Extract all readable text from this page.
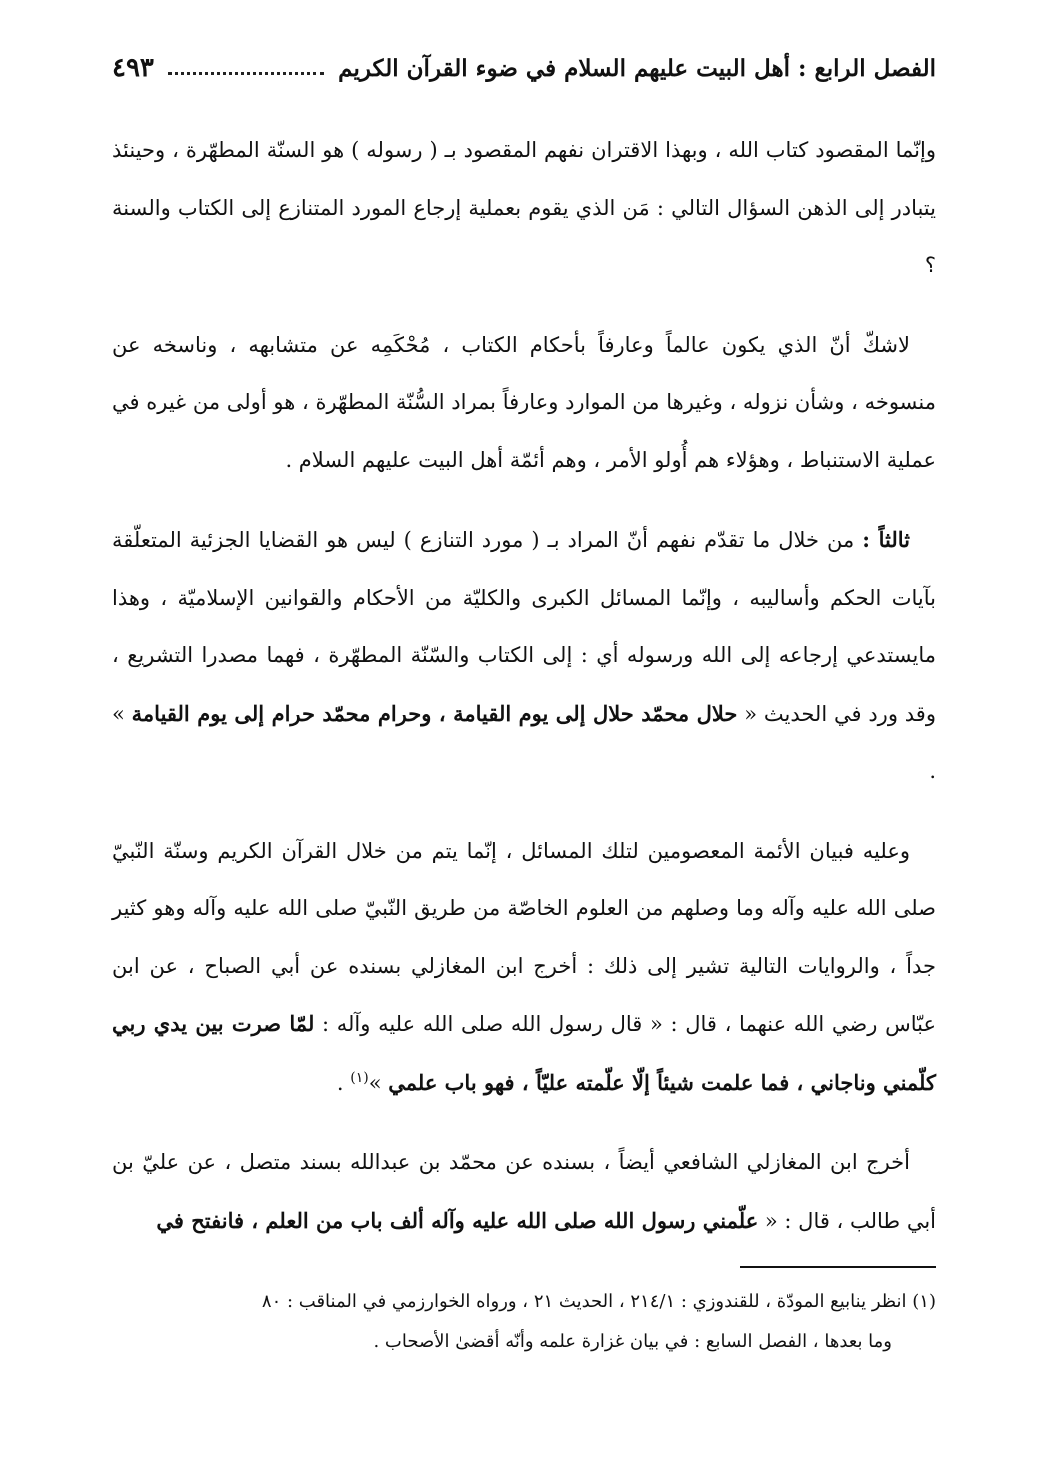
الفصل الرابع : أهل البيت عليهم السلام في ضوء القرآن الكريم
٤٩٣

وإنّما المقصود كتاب الله ، وبهذا الاقتران نفهم المقصود بـ ( رسوله ) هو السنّة المطهّرة ، وحينئذ يتبادر إلى الذهن السؤال التالي : مَن الذي يقوم بعملية إرجاع المورد المتنازع إلى الكتاب والسنة ؟

لاشكّ أنّ الذي يكون عالماً وعارفاً بأحكام الكتاب ، مُحْكَمِه عن متشابهه ، وناسخه عن منسوخه ، وشأن نزوله ، وغيرها من الموارد وعارفاً بمراد السُّنّة المطهّرة ، هو أولى من غيره في عملية الاستنباط ، وهؤلاء هم أُولو الأمر ، وهم أئمّة أهل البيت عليهم السلام .

ثالثاً : من خلال ما تقدّم نفهم أنّ المراد بـ ( مورد التنازع ) ليس هو القضايا الجزئية المتعلّقة بآيات الحكم وأساليبه ، وإنّما المسائل الكبرى والكليّة من الأحكام والقوانين الإسلاميّة ، وهذا مايستدعي إرجاعه إلى الله ورسوله أي : إلى الكتاب والسّنّة المطهّرة ، فهما مصدرا التشريع ، وقد ورد في الحديث « حلال محمّد حلال إلى يوم القيامة ، وحرام محمّد حرام إلى يوم القيامة » .

وعليه فبيان الأئمة المعصومين لتلك المسائل ، إنّما يتم من خلال القرآن الكريم وسنّة النّبيّ صلى الله عليه وآله وما وصلهم من العلوم الخاصّة من طريق النّبيّ صلى الله عليه وآله وهو كثير جداً ، والروايات التالية تشير إلى ذلك : أخرج ابن المغازلي بسنده عن أبي الصباح ، عن ابن عبّاس رضي الله عنهما ، قال : « قال رسول الله صلى الله عليه وآله : لمّا صرت بين يدي ربي كلّمني وناجاني ، فما علمت شيئاً إلّا علّمته عليّاً ، فهو باب علمي »$^{(١)}$ .

أخرج ابن المغازلي الشافعي أيضاً ، بسنده عن محمّد بن عبدالله بسند متصل ، عن عليّ بن أبي طالب ، قال : « علّمني رسول الله صلى الله عليه وآله ألف باب من العلم ، فانفتح في

(١) انظر ينابيع المودّة ، للقندوزي : ٢١٤/١ ، الحديث ٢١ ، ورواه الخوارزمي في المناقب : ٨٠
وما بعدها ، الفصل السابع : في بيان غزارة علمه وأنّه أقضىٰ الأصحاب .
